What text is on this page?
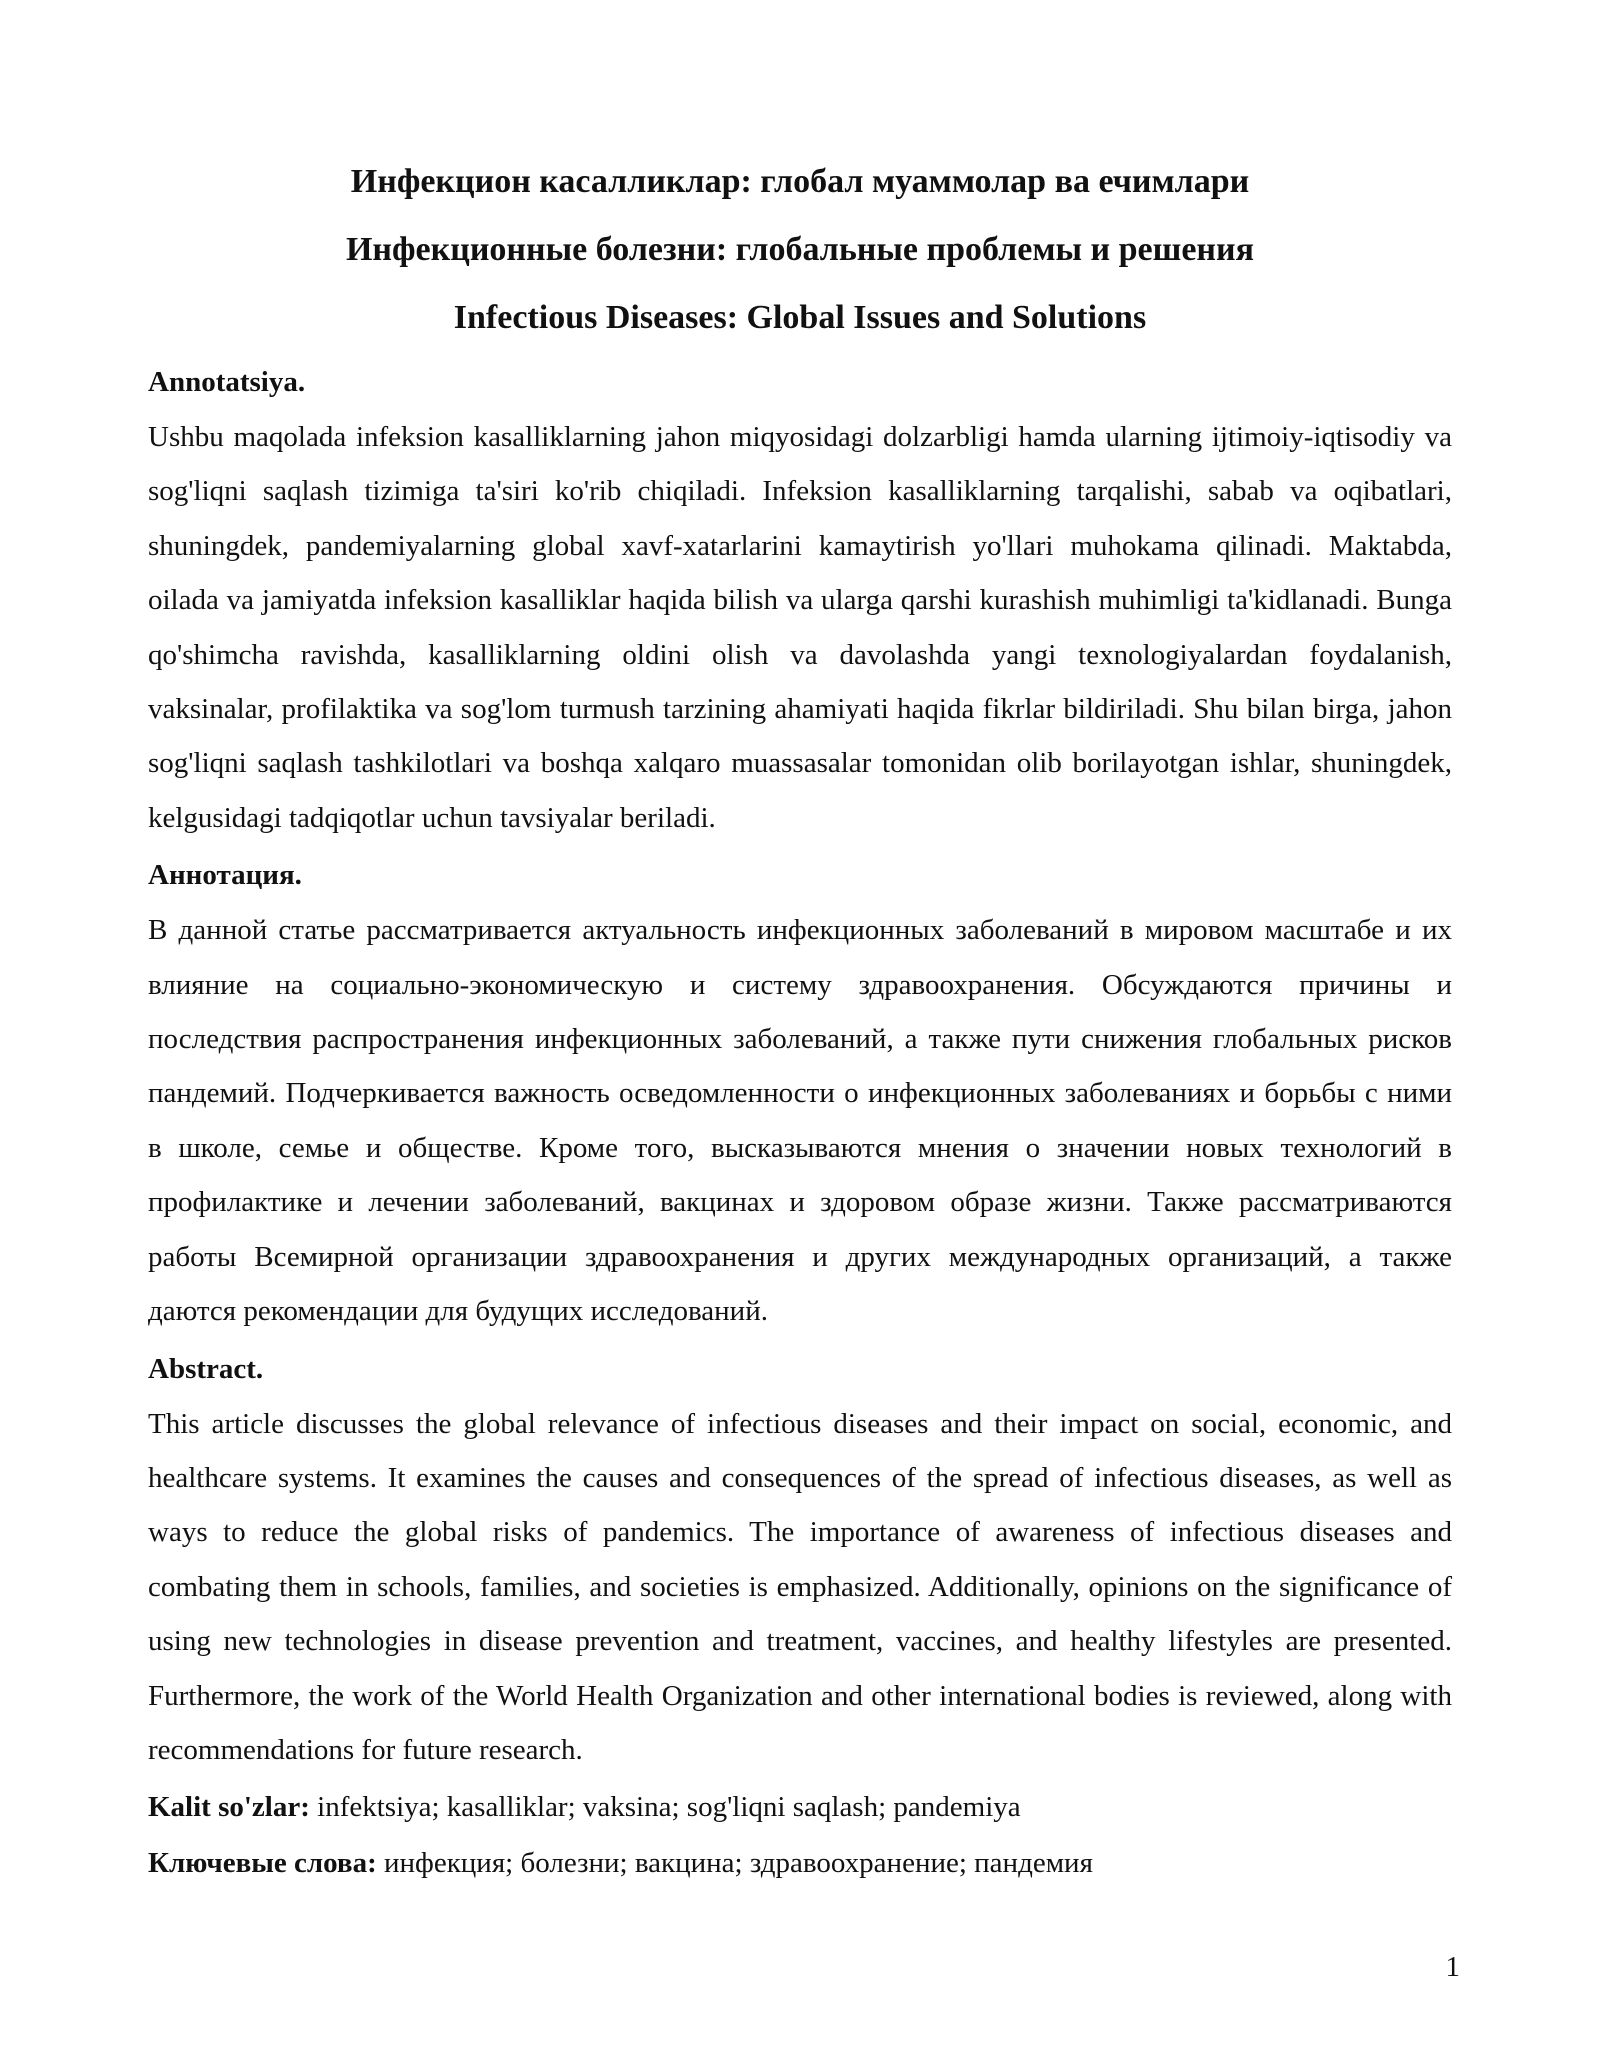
Инфекцион касалликлар: глобал муаммолар ва ечимлари
Инфекционные болезни: глобальные проблемы и решения
Infectious Diseases: Global Issues and Solutions
Annotatsiya.

Ushbu maqolada infeksion kasalliklarning jahon miqyosidagi dolzarbligi hamda ularning ijtimoiy-iqtisodiy va sog'liqni saqlash tizimiga ta'siri ko'rib chiqiladi. Infeksion kasalliklarning tarqalishi, sabab va oqibatlari, shuningdek, pandemiyalarning global xavf-xatarlarini kamaytirish yo'llari muhokama qilinadi. Maktabda, oilada va jamiyatda infeksion kasalliklar haqida bilish va ularga qarshi kurashish muhimligi ta'kidlanadi. Bunga qo'shimcha ravishda, kasalliklarning oldini olish va davolashda yangi texnologiyalardan foydalanish, vaksinalar, profilaktika va sog'lom turmush tarzining ahamiyati haqida fikrlar bildiriladi. Shu bilan birga, jahon sog'liqni saqlash tashkilotlari va boshqa xalqaro muassasalar tomonidan olib borilayotgan ishlar, shuningdek, kelgusidagi tadqiqotlar uchun tavsiyalar beriladi.

Аннотация.

В данной статье рассматривается актуальность инфекционных заболеваний в мировом масштабе и их влияние на социально-экономическую и систему здравоохранения. Обсуждаются причины и последствия распространения инфекционных заболеваний, а также пути снижения глобальных рисков пандемий. Подчеркивается важность осведомленности о инфекционных заболеваниях и борьбы с ними в школе, семье и обществе. Кроме того, высказываются мнения о значении новых технологий в профилактике и лечении заболеваний, вакцинах и здоровом образе жизни. Также рассматриваются работы Всемирной организации здравоохранения и других международных организаций, а также даются рекомендации для будущих исследований.

Abstract.

This article discusses the global relevance of infectious diseases and their impact on social, economic, and healthcare systems. It examines the causes and consequences of the spread of infectious diseases, as well as ways to reduce the global risks of pandemics. The importance of awareness of infectious diseases and combating them in schools, families, and societies is emphasized. Additionally, opinions on the significance of using new technologies in disease prevention and treatment, vaccines, and healthy lifestyles are presented. Furthermore, the work of the World Health Organization and other international bodies is reviewed, along with recommendations for future research.

Kalit so'zlar: infektsiya; kasalliklar; vaksina; sog'liqni saqlash; pandemiya
Ключевые слова: инфекция; болезни; вакцина; здравоохранение; пандемия
1
